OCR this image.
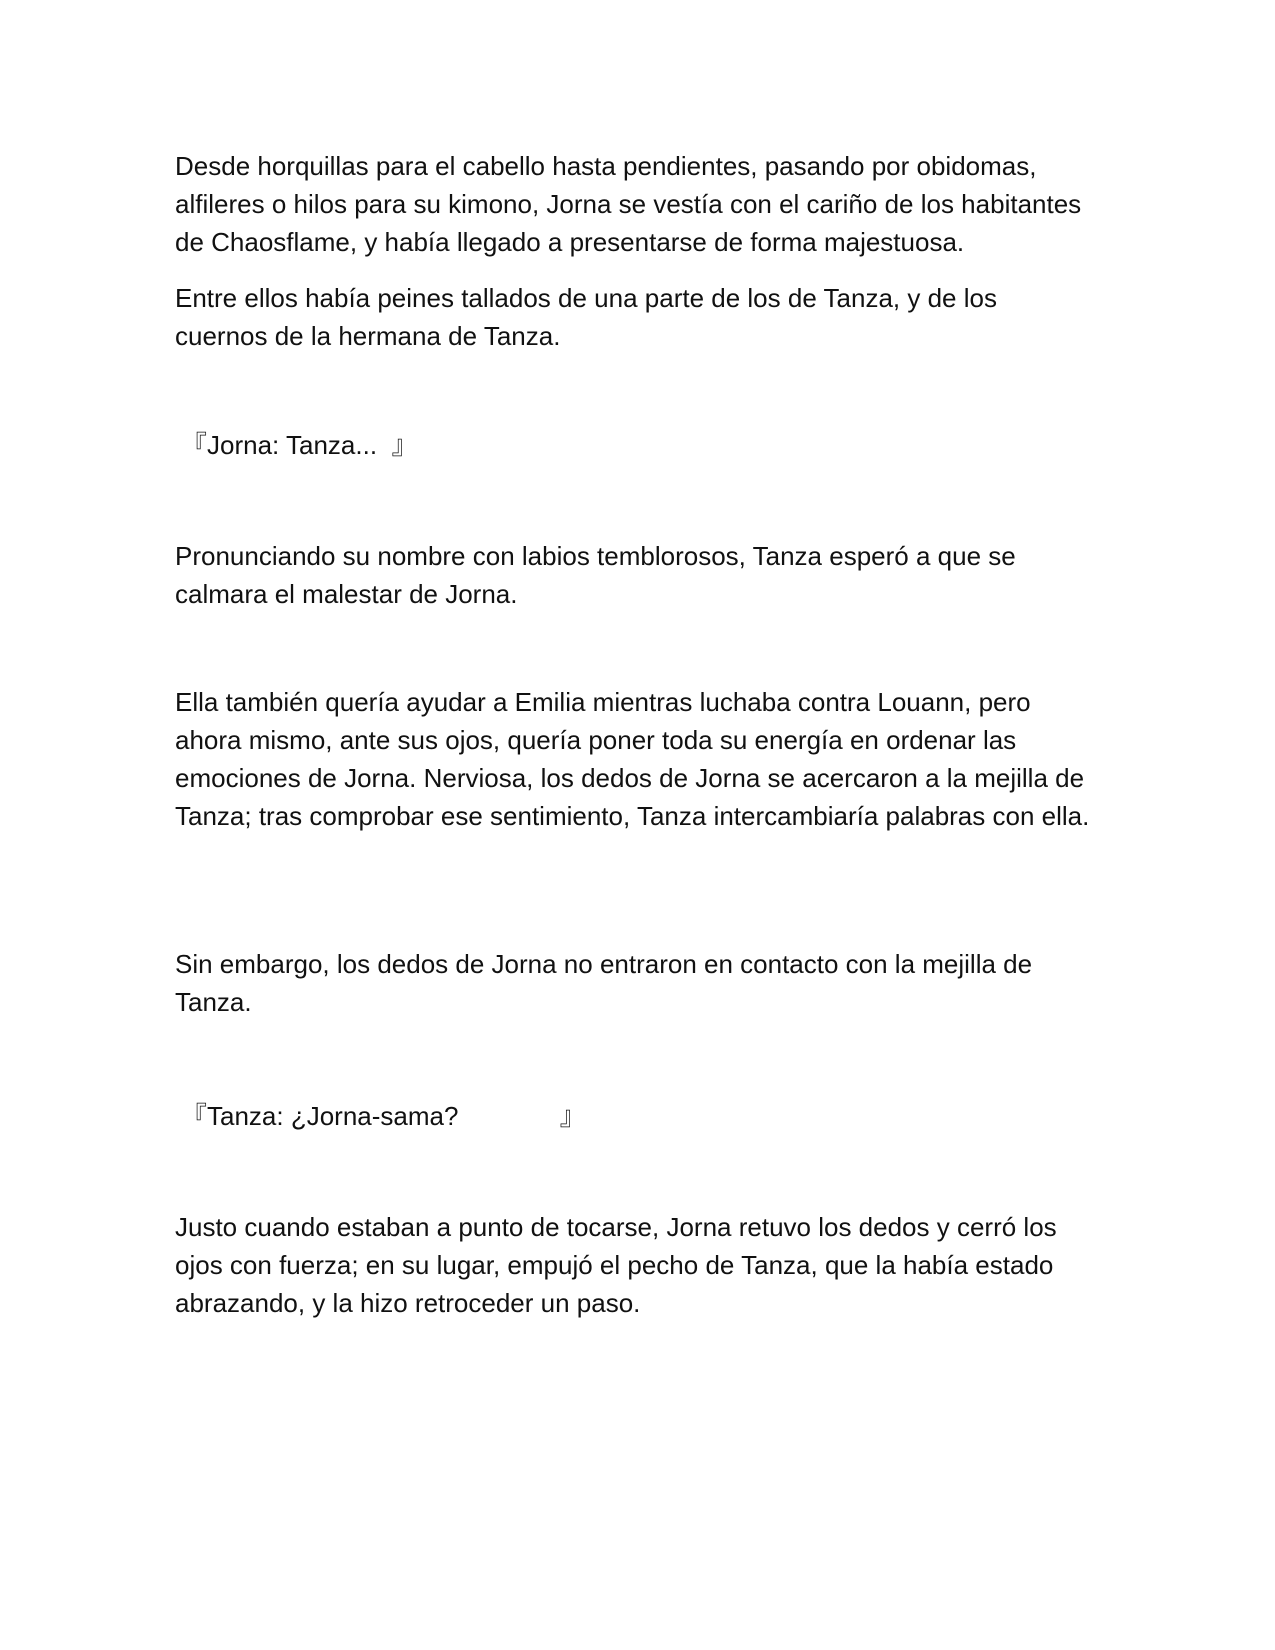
Desde horquillas para el cabello hasta pendientes, pasando por obidomas, alfileres o hilos para su kimono, Jorna se vestía con el cariño de los habitantes de Chaosflame, y había llegado a presentarse de forma majestuosa.

Entre ellos había peines tallados de una parte de los de Tanza, y de los cuernos de la hermana de Tanza.

『Jorna: Tanza...  』

Pronunciando su nombre con labios temblorosos, Tanza esperó a que se calmara el malestar de Jorna.

Ella también quería ayudar a Emilia mientras luchaba contra Louann, pero ahora mismo, ante sus ojos, quería poner toda su energía en ordenar las emociones de Jorna. Nerviosa, los dedos de Jorna se acercaron a la mejilla de Tanza; tras comprobar ese sentimiento, Tanza intercambiaría palabras con ella.

Sin embargo, los dedos de Jorna no entraron en contacto con la mejilla de Tanza.

『Tanza: ¿Jorna-sama?              』

Justo cuando estaban a punto de tocarse, Jorna retuvo los dedos y cerró los ojos con fuerza; en su lugar, empujó el pecho de Tanza, que la había estado abrazando, y la hizo retroceder un paso.
